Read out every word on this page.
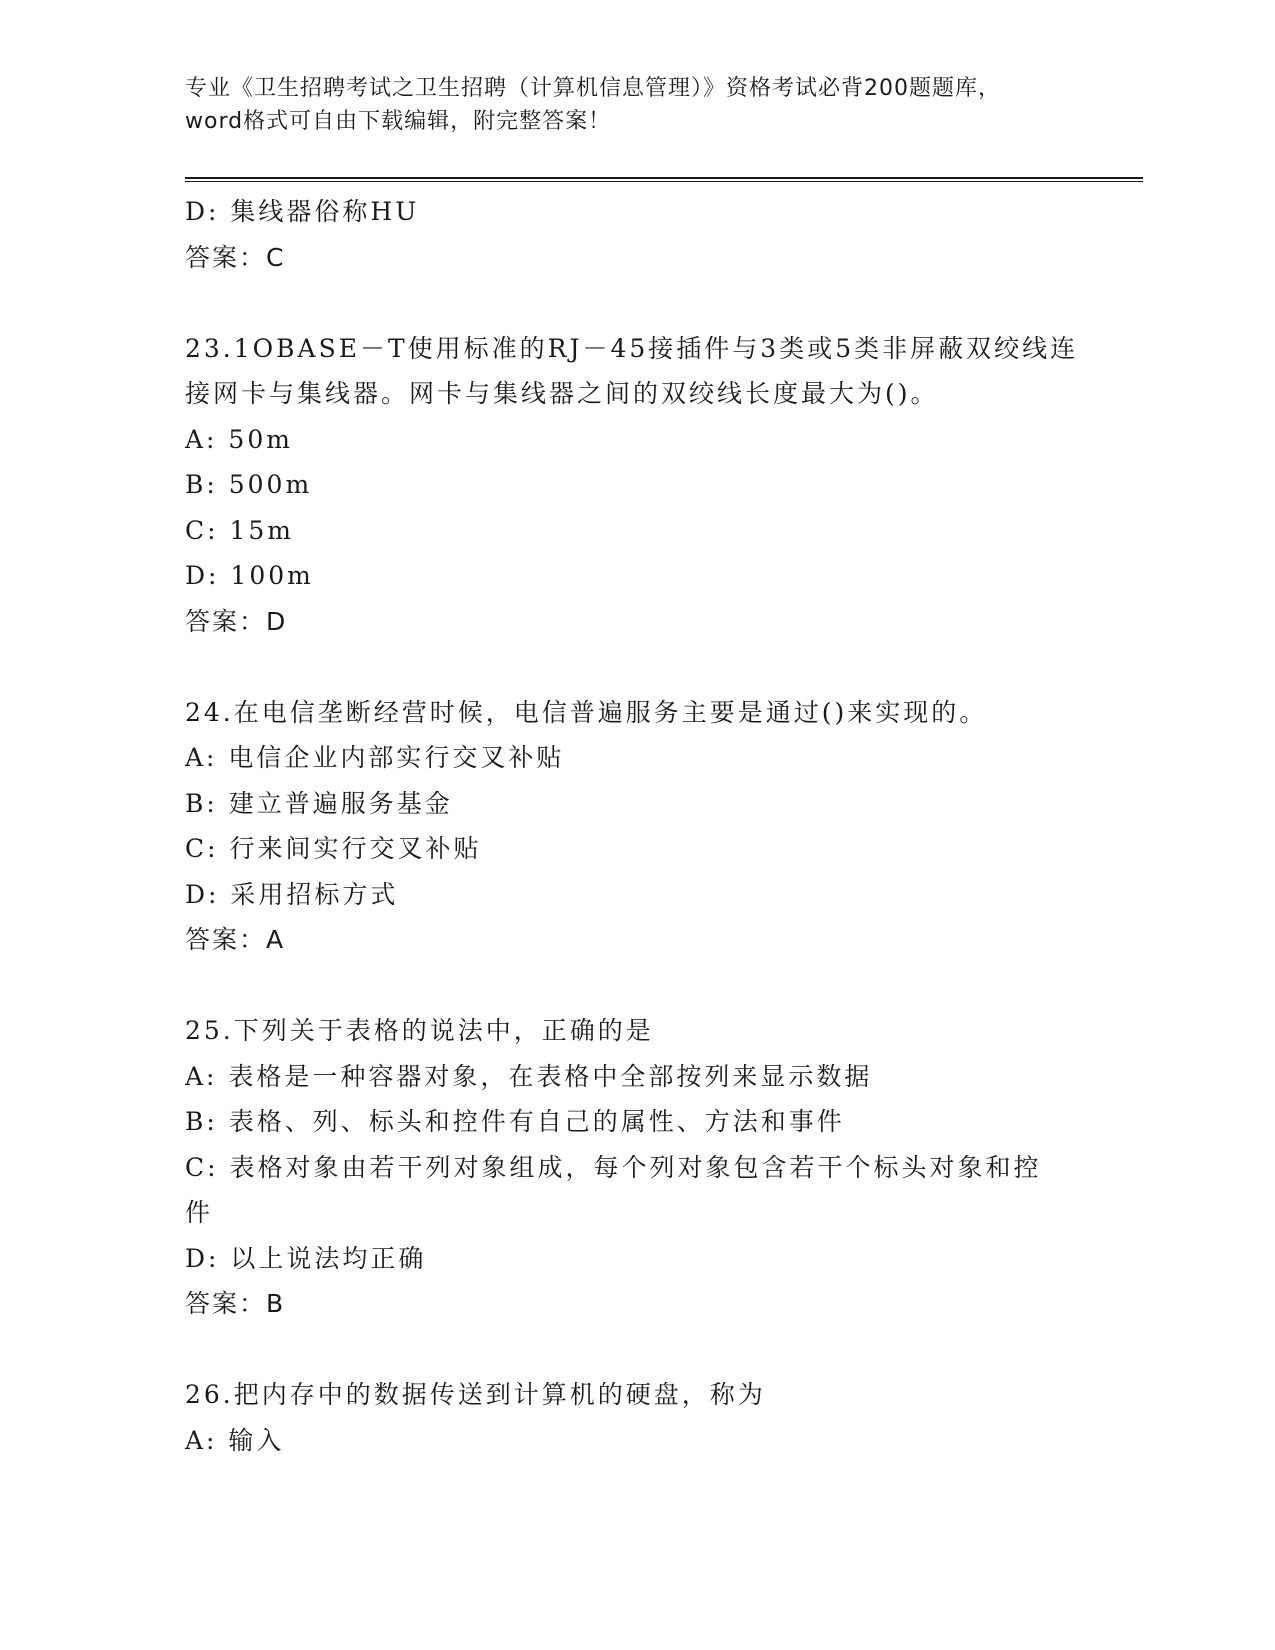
专业《卫生招聘考试之卫生招聘（计算机信息管理）》资格考试必背200题题库，
word格式可自由下载编辑，附完整答案！
D: 集线器俗称HU
答案：C
23.1OBASE－T使用标准的RJ－45接插件与3类或5类非屏蔽双绞线连
接网卡与集线器。网卡与集线器之间的双绞线长度最大为()。
A: 50m
B: 500m
C: 15m
D: 100m
答案：D
24.在电信垄断经营时候，电信普遍服务主要是通过()来实现的。
A: 电信企业内部实行交叉补贴
B: 建立普遍服务基金
C: 行来间实行交叉补贴
D: 采用招标方式
答案：A
25.下列关于表格的说法中，正确的是
A: 表格是一种容器对象，在表格中全部按列来显示数据
B: 表格、列、标头和控件有自己的属性、方法和事件
C: 表格对象由若干列对象组成，每个列对象包含若干个标头对象和控
件
D: 以上说法均正确
答案：B
26.把内存中的数据传送到计算机的硬盘，称为
A: 输入
